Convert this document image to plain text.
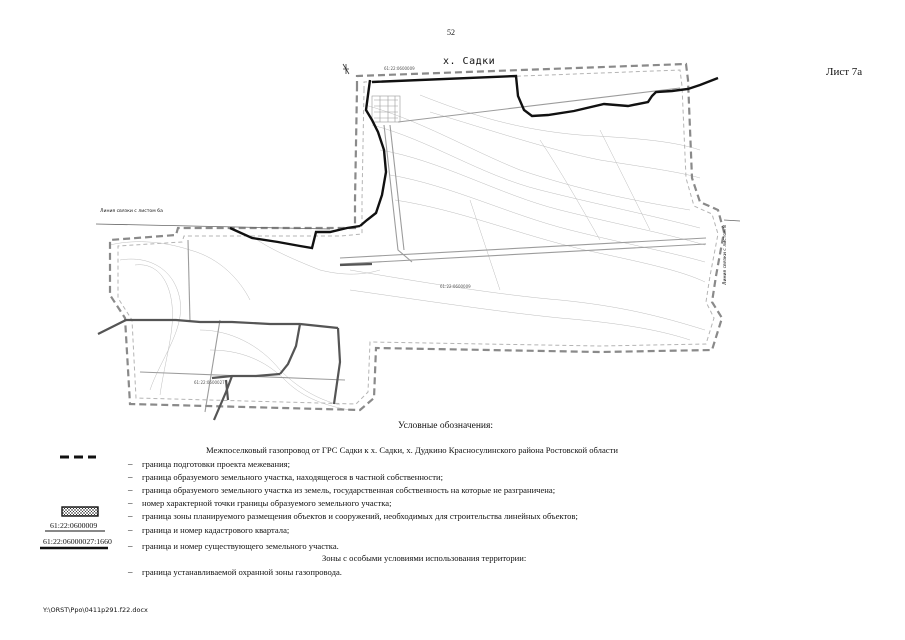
52
Лист 7а
х. Садки
Линия связки с листом 6а
Линия связки с листом 8
61:22:0600009
61:22:0600009
61:22:0600027
Условные обозначения:
Межпоселковый газопровод от ГРС Садки к х. Садки, х. Дудкино Красносулинского района Ростовской области
– граница подготовки проекта межевания;
– граница образуемого земельного участка, находящегося в частной собственности;
– граница образуемого земельного участка из земель, государственная собственность на которые не разграничена;
– номер характерной точки границы образуемого земельного участка;
– граница зоны планируемого размещения объектов и сооружений, необходимых для строительства линейных объектов;
61:22:0600009	– граница и номер кадастрового квартала;
61:22:06000027:1660 – граница и номер существующего земельного участка.
Зоны с особыми условиями использования территории:
– граница устанавливаемой охранной зоны газопровода.
Y:\ORST\Ppo\0411p291.f22.docx
